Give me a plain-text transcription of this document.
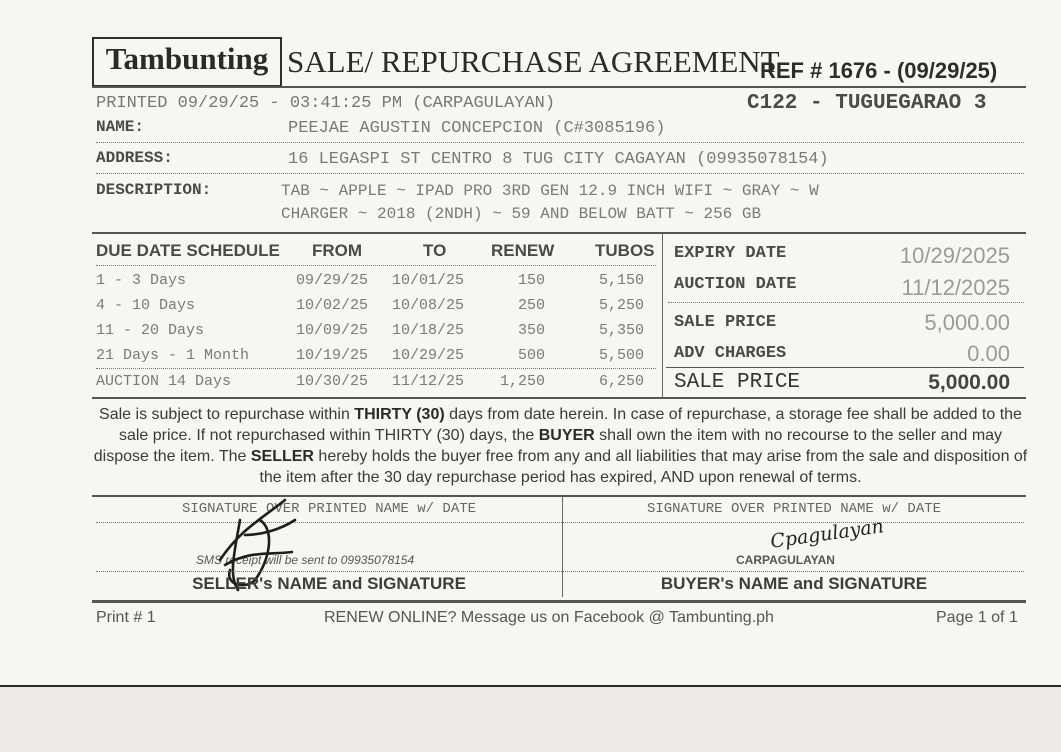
Tambunting SALE/ REPURCHASE AGREEMENT
REF # 1676 - (09/29/25)
PRINTED 09/29/25 - 03:41:25 PM (CARPAGULAYAN)	C122 - TUGUEGARAO 3
NAME:	PEEJAE AGUSTIN CONCEPCION (C#3085196)
ADDRESS:	16 LEGASPI ST CENTRO 8 TUG CITY CAGAYAN (09935078154)
DESCRIPTION:	TAB ~ APPLE ~ IPAD PRO 3RD GEN 12.9 INCH WIFI ~ GRAY ~ W
CHARGER ~ 2018 (2NDH) ~ 59 AND BELOW BATT ~ 256 GB
DUE DATE SCHEDULE FROM	TO	RENEW TUBOS
1 - 3 Days	09/29/25 10/01/25	150	5,150
4 - 10 Days	10/02/25 10/08/25	250	5,250
11 - 20 Days	10/09/25 10/18/25	350	5,350
21 Days - 1 Month	10/19/25 10/29/25	500	5,500
AUCTION 14 Days	10/30/25 11/12/25	1,250	6,250
EXPIRY DATE	10/29/2025
AUCTION DATE	11/12/2025
SALE PRICE	5,000.00
ADV CHARGES	0.00
SALE PRICE	5,000.00
Sale is subject to repurchase within THIRTY (30) days from date herein. In case of repurchase, a storage fee shall be added to the sale price. If not repurchased within THIRTY (30) days, the BUYER shall own the item with no recourse to the seller and may dispose the item. The SELLER hereby holds the buyer free from any and all liabilities that may arise from the sale and disposition of the item after the 30 day repurchase period has expired, AND upon renewal of terms.
SIGNATURE OVER PRINTED NAME w/ DATE	SIGNATURE OVER PRINTED NAME w/ DATE
SMS receipt will be sent to 09935078154
Cpagulayan
CARPAGULAYAN
SELLER's NAME and SIGNATURE	BUYER's NAME and SIGNATURE
Print # 1	RENEW ONLINE? Message us on Facebook @ Tambunting.ph	Page 1 of 1
